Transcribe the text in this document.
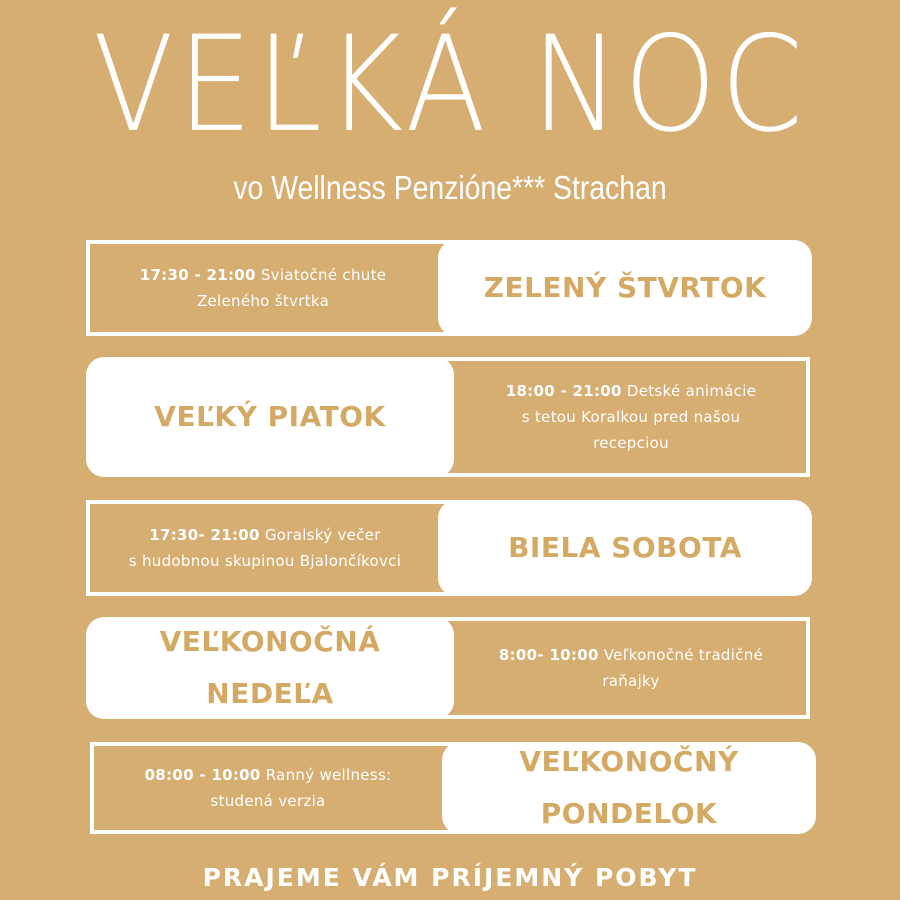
VEĽKÁ NOC
vo Wellness Penzióne*** Strachan
17:30 - 21:00 Sviatočné chute
Zeleného štvrtka	ZELENÝ ŠTVRTOK
VEĽKÝ PIATOK
18:00 - 21:00 Detské animácie
s tetou Koralkou pred našou
recepciou
17:30- 21:00 Goralský večer
s hudobnou skupinou Bjalončíkovci	BIELA SOBOTA
VEĽKONOČNÁ
NEDEĽA
8:00- 10:00 Veľkonočné tradičné
raňajky
08:00 - 10:00 Ranný wellness:
studená verzia
VEĽKONOČNÝ
PONDELOK
PRAJEME VÁM PRÍJEMNÝ POBYT
